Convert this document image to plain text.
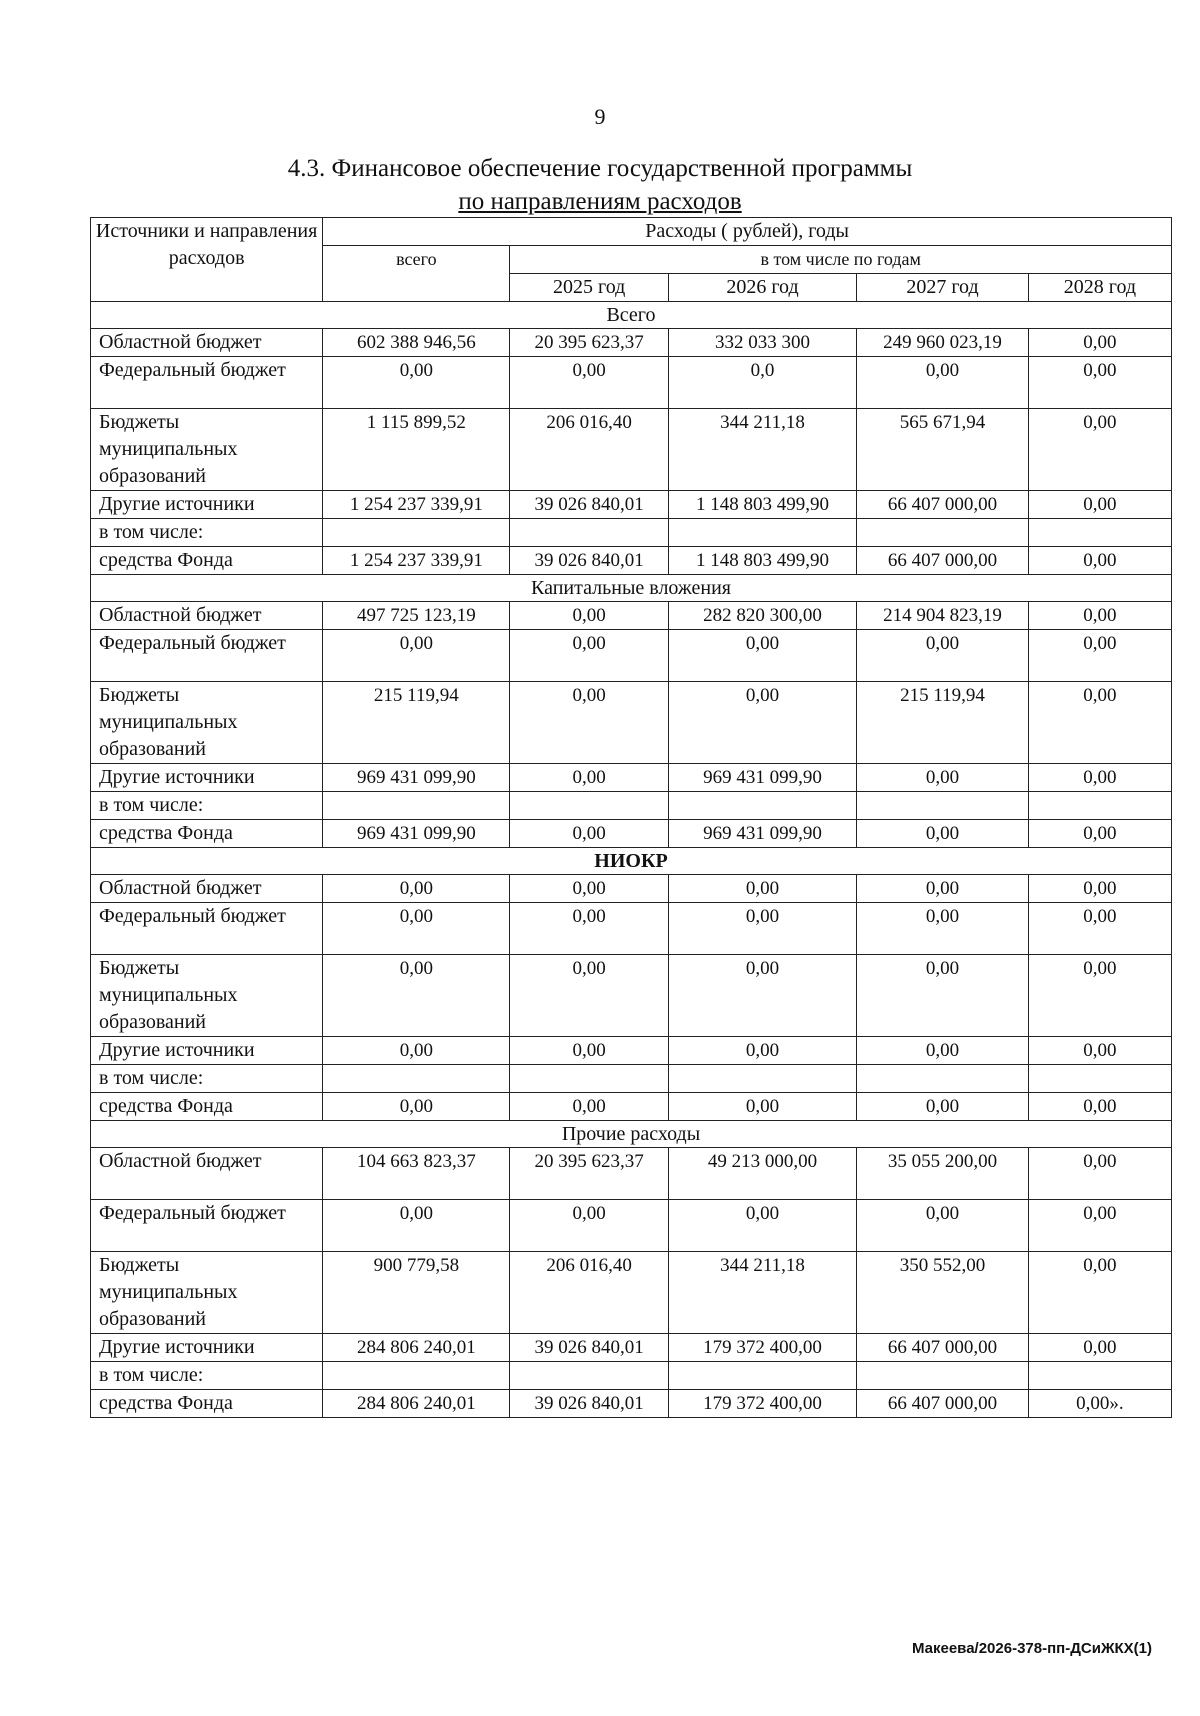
9
4.3. Финансовое обеспечение государственной программы
по направлениям расходов
Источники и направления расходов	Расходы ( рублей), годы				
	всего	в том числе по годам			
		2025 год	2026 год	2027 год	2028 год
Всего					
Областной бюджет	602 388 946,56	20 395 623,37	332 033 300	249 960 023,19	0,00
Федеральный бюджет	0,00	0,00	0,0	0,00	0,00
Бюджеты муниципальных образований	1 115 899,52	206 016,40	344 211,18	565 671,94	0,00
Другие источники	1 254 237 339,91	39 026 840,01	1 148 803 499,90	66 407 000,00	0,00
в том числе:					
средства Фонда	1 254 237 339,91	39 026 840,01	1 148 803 499,90	66 407 000,00	0,00
Капитальные вложения					
Областной бюджет	497 725 123,19	0,00	282 820 300,00	214 904 823,19	0,00
Федеральный бюджет	0,00	0,00	0,00	0,00	0,00
Бюджеты муниципальных образований	215 119,94	0,00	0,00	215 119,94	0,00
Другие источники	969 431 099,90	0,00	969 431 099,90	0,00	0,00
в том числе:					
средства Фонда	969 431 099,90	0,00	969 431 099,90	0,00	0,00
НИОКР					
Областной бюджет	0,00	0,00	0,00	0,00	0,00
Федеральный бюджет	0,00	0,00	0,00	0,00	0,00
Бюджеты муниципальных образований	0,00	0,00	0,00	0,00	0,00
Другие источники	0,00	0,00	0,00	0,00	0,00
в том числе:					
средства Фонда	0,00	0,00	0,00	0,00	0,00
Прочие расходы					
Областной бюджет	104 663 823,37	20 395 623,37	49 213 000,00	35 055 200,00	0,00
Федеральный бюджет	0,00	0,00	0,00	0,00	0,00
Бюджеты муниципальных образований	900 779,58	206 016,40	344 211,18	350 552,00	0,00
Другие источники	284 806 240,01	39 026 840,01	179 372 400,00	66 407 000,00	0,00
в том числе:					
средства Фонда	284 806 240,01	39 026 840,01	179 372 400,00	66 407 000,00	0,00».
Макеева/2026-378-пп-ДСиЖКХ(1)
